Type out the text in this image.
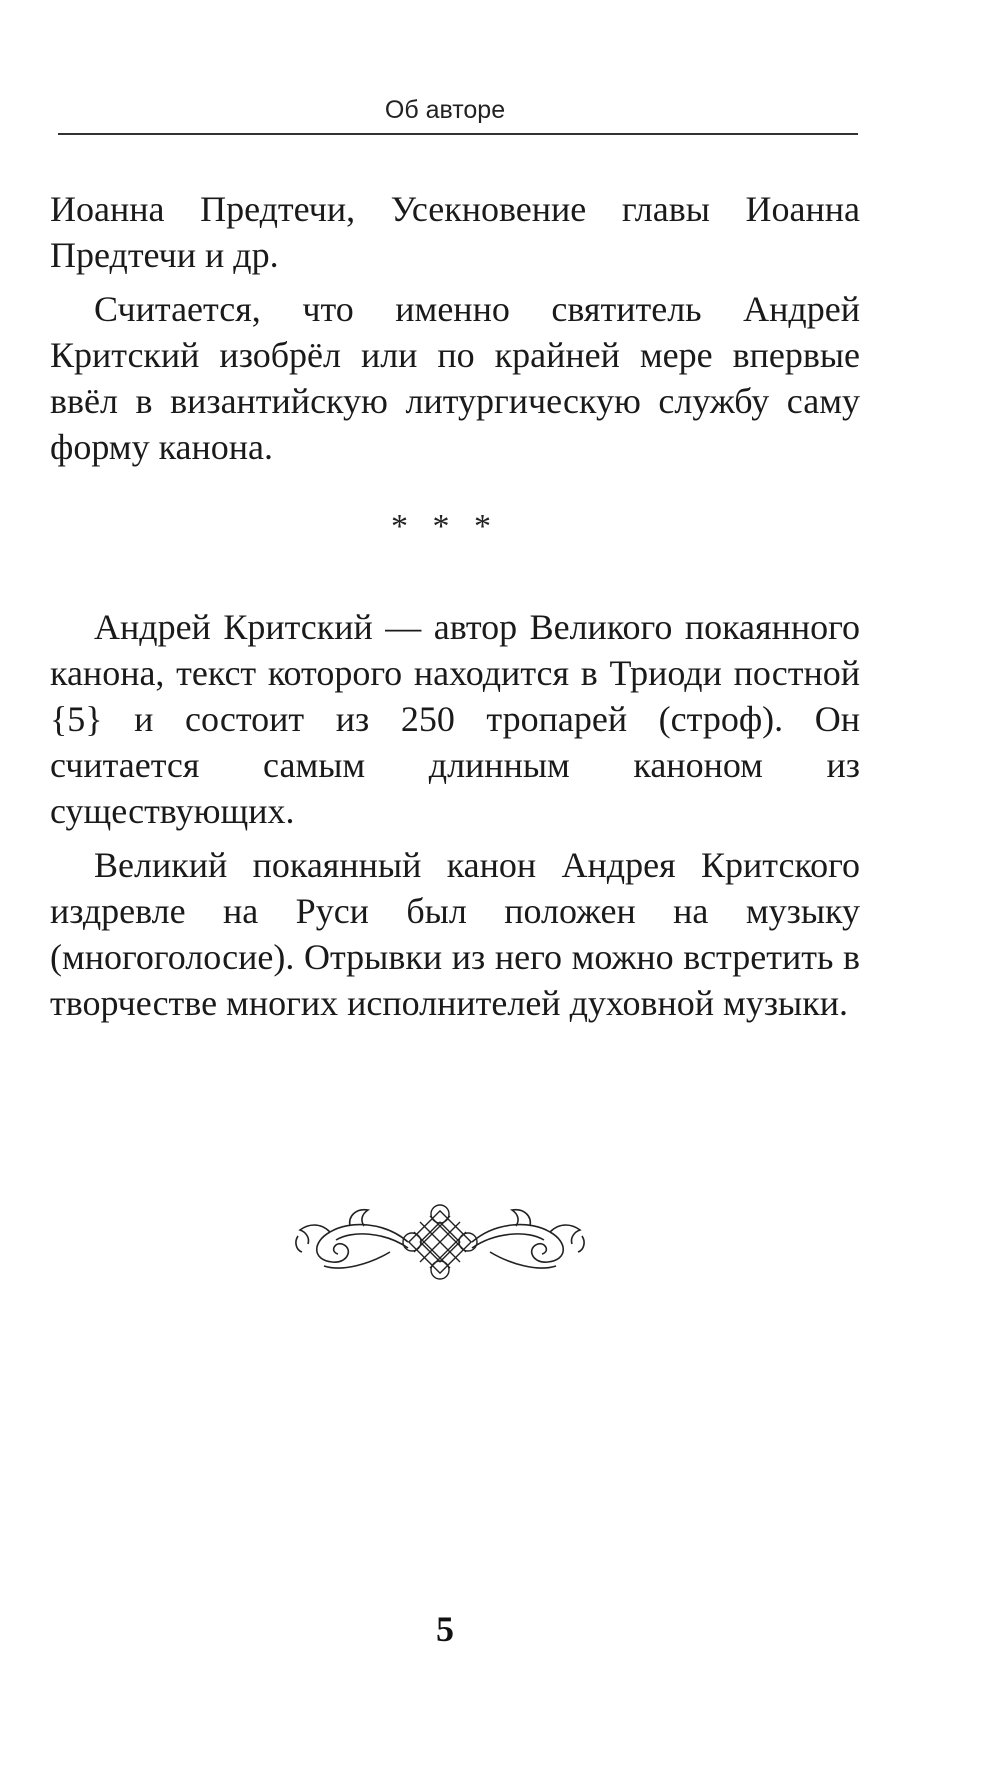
Об авторе

Иоанна Предтечи, Усекновение главы Иоанна Предтечи и др.

Считается, что именно святитель Андрей Критский изобрёл или по крайней мере впервые ввёл в византийскую литургическую службу саму форму канона.

* * *

Андрей Критский — автор Великого покаянного канона, текст которого находится в Триоди постной {5} и состоит из 250 тропарей (строф). Он считается самым длинным каноном из существующих.

Великий покаянный канон Андрея Критского издревле на Руси был положен на музыку (многоголосие). Отрывки из него можно встретить в творчестве многих исполнителей духовной музыки.

5
